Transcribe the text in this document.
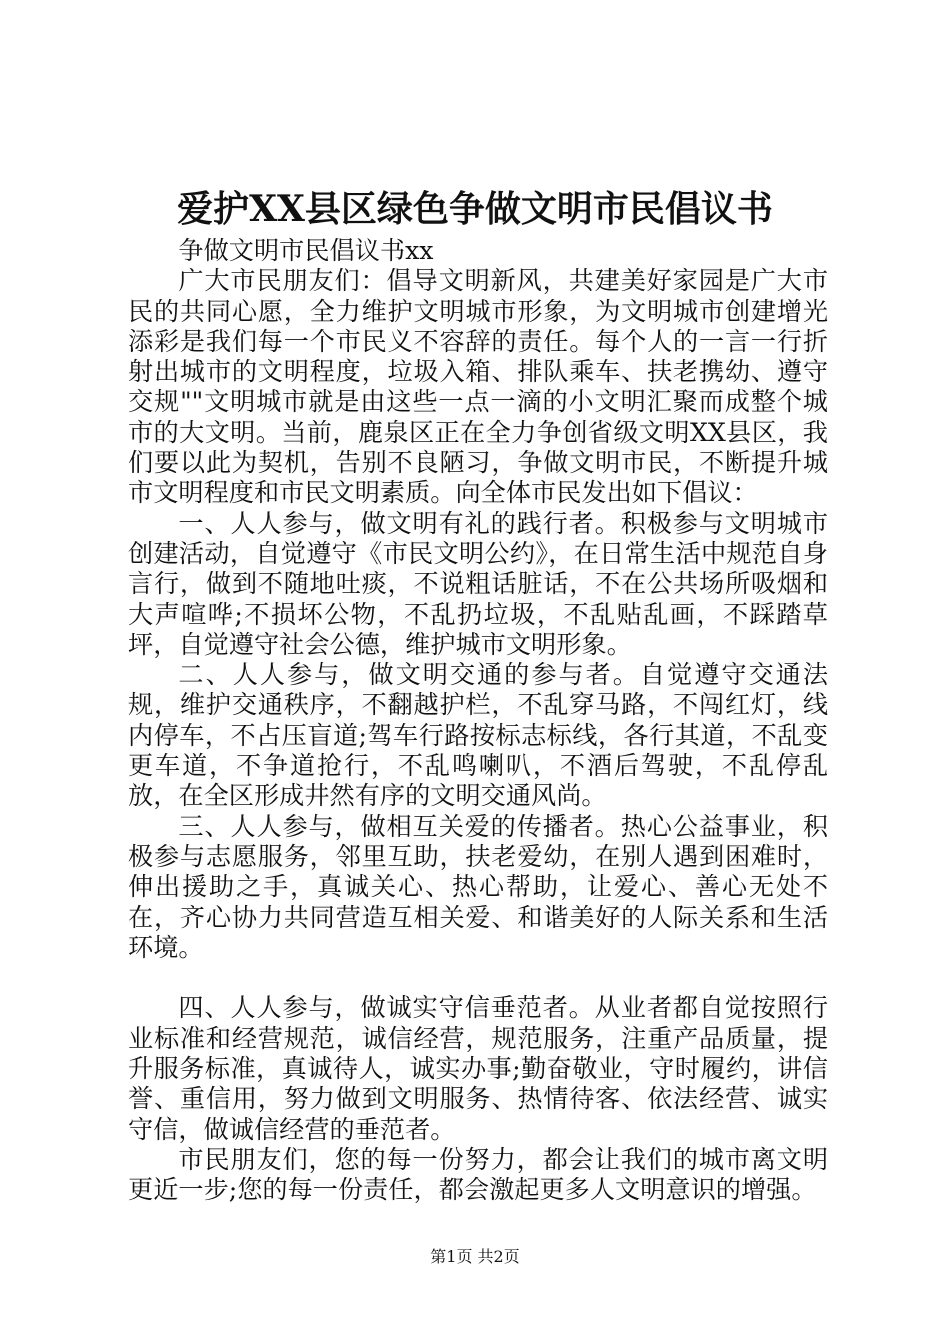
爱护XX县区绿色争做文明市民倡议书

争做文明市民倡议书xx

广大市民朋友们：倡导文明新风，共建美好家园是广大市民的共同心愿，全力维护文明城市形象，为文明城市创建增光添彩是我们每一个市民义不容辞的责任。每个人的一言一行折射出城市的文明程度，垃圾入箱、排队乘车、扶老携幼、遵守交规""文明城市就是由这些一点一滴的小文明汇聚而成整个城市的大文明。当前，鹿泉区正在全力争创省级文明XX县区，我们要以此为契机，告别不良陋习，争做文明市民，不断提升城市文明程度和市民文明素质。向全体市民发出如下倡议：

一、人人参与，做文明有礼的践行者。积极参与文明城市创建活动，自觉遵守《市民文明公约》，在日常生活中规范自身言行，做到不随地吐痰，不说粗话脏话，不在公共场所吸烟和大声喧哗;不损坏公物，不乱扔垃圾，不乱贴乱画，不踩踏草坪，自觉遵守社会公德，维护城市文明形象。

二、人人参与，做文明交通的参与者。自觉遵守交通法规，维护交通秩序，不翻越护栏，不乱穿马路，不闯红灯，线内停车，不占压盲道;驾车行路按标志标线，各行其道，不乱变更车道，不争道抢行，不乱鸣喇叭，不酒后驾驶，不乱停乱放，在全区形成井然有序的文明交通风尚。

三、人人参与，做相互关爱的传播者。热心公益事业，积极参与志愿服务，邻里互助，扶老爱幼，在别人遇到困难时，伸出援助之手，真诚关心、热心帮助，让爱心、善心无处不在，齐心协力共同营造互相关爱、和谐美好的人际关系和生活环境。

四、人人参与，做诚实守信垂范者。从业者都自觉按照行业标准和经营规范，诚信经营，规范服务，注重产品质量，提升服务标准，真诚待人，诚实办事;勤奋敬业，守时履约，讲信誉、重信用，努力做到文明服务、热情待客、依法经营、诚实守信，做诚信经营的垂范者。

市民朋友们，您的每一份努力，都会让我们的城市离文明更近一步;您的每一份责任，都会激起更多人文明意识的增强。

第1页 共2页
